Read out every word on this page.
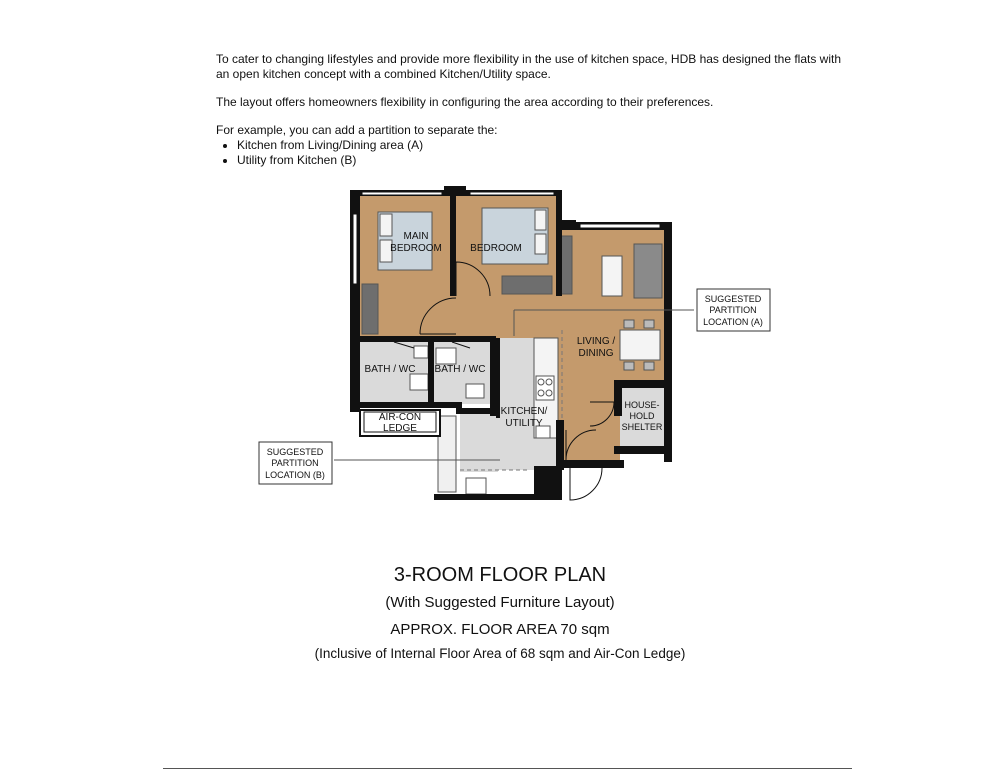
To cater to changing lifestyles and provide more flexibility in the use of kitchen space, HDB has designed the flats with an open kitchen concept with a combined Kitchen/Utility space.

The layout offers homeowners flexibility in configuring the area according to their preferences.

For example, you can add a partition to separate the:

• Kitchen from Living/Dining area (A)
• Utility from Kitchen (B)
MAIN
BEDROOM	BEDROOM
LIVING /
DINING
BATH / WC BATH / WC
AIR-CON
LEDGE
KITCHEN/
UTILITY
HOUSE-
HOLD
SHELTER
SUGGESTED
PARTITION
LOCATION (A)
SUGGESTED
PARTITION
LOCATION (B)
3-ROOM FLOOR PLAN
(With Suggested Furniture Layout)
APPROX. FLOOR AREA 70 sqm
(Inclusive of Internal Floor Area of 68 sqm and Air-Con Ledge)
